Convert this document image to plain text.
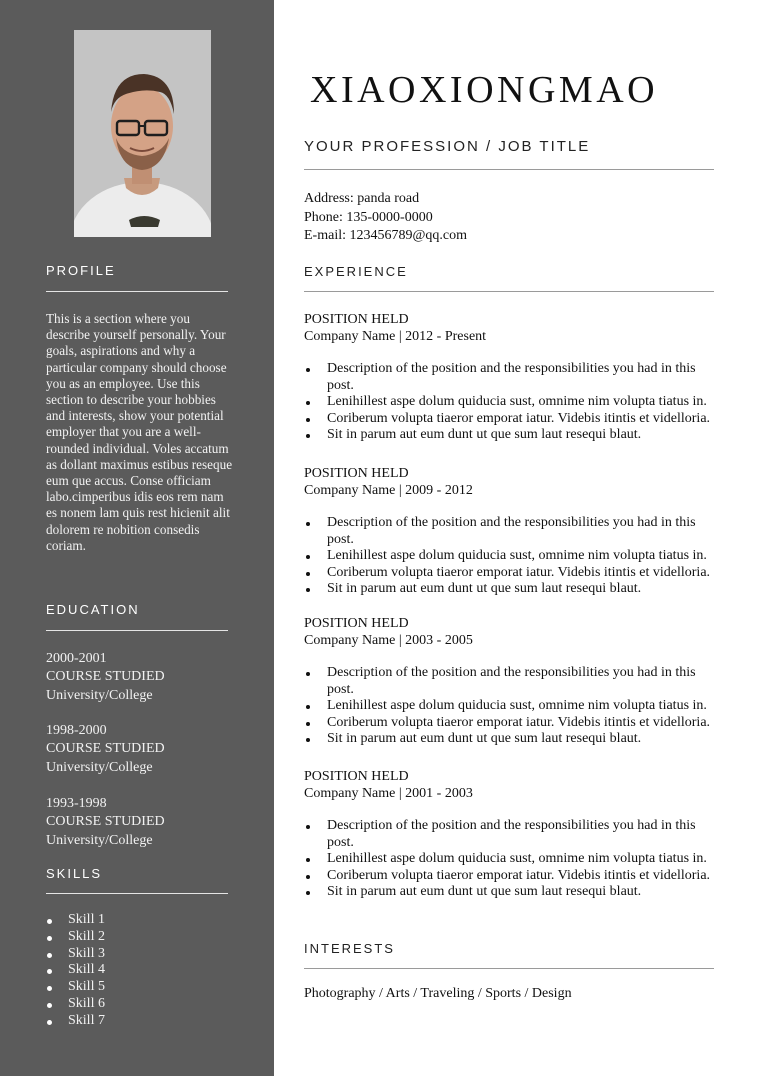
PROFILE
This is a section where you describe yourself personally. Your goals, aspirations and why a particular company should choose you as an employee. Use this section to describe your hobbies and interests, show your potential employer that you are a well-rounded individual. Voles accatum as dollant maximus estibus reseque eum que accus. Conse officiam labo.cimperibus idis eos rem nam es nonem lam quis rest hicienit alit dolorem re nobition consedis coriam.
EDUCATION
2000-2001
COURSE STUDIED
University/College
1998-2000
COURSE STUDIED
University/College
1993-1998
COURSE STUDIED
University/College
SKILLS
Skill 1
Skill 2
Skill 3
Skill 4
Skill 5
Skill 6
Skill 7
XIAOXIONGMAO
YOUR PROFESSION / JOB TITLE
Address: panda road
Phone: 135-0000-0000
E-mail: 123456789@qq.com
EXPERIENCE
POSITION HELD
Company Name | 2012 - Present
Description of the position and the responsibilities you had in this post.
Lenihillest aspe dolum quiducia sust, omnime nim volupta tiatus in.
Coriberum volupta tiaeror emporat iatur. Videbis itintis et videlloria.
Sit in parum aut eum dunt ut que sum laut resequi blaut.
POSITION HELD
Company Name | 2009 - 2012
Description of the position and the responsibilities you had in this post.
Lenihillest aspe dolum quiducia sust, omnime nim volupta tiatus in.
Coriberum volupta tiaeror emporat iatur. Videbis itintis et videlloria.
Sit in parum aut eum dunt ut que sum laut resequi blaut.
POSITION HELD
Company Name | 2003 - 2005
Description of the position and the responsibilities you had in this post.
Lenihillest aspe dolum quiducia sust, omnime nim volupta tiatus in.
Coriberum volupta tiaeror emporat iatur. Videbis itintis et videlloria.
Sit in parum aut eum dunt ut que sum laut resequi blaut.
POSITION HELD
Company Name | 2001 - 2003
Description of the position and the responsibilities you had in this post.
Lenihillest aspe dolum quiducia sust, omnime nim volupta tiatus in.
Coriberum volupta tiaeror emporat iatur. Videbis itintis et videlloria.
Sit in parum aut eum dunt ut que sum laut resequi blaut.
INTERESTS
Photography / Arts / Traveling / Sports / Design
